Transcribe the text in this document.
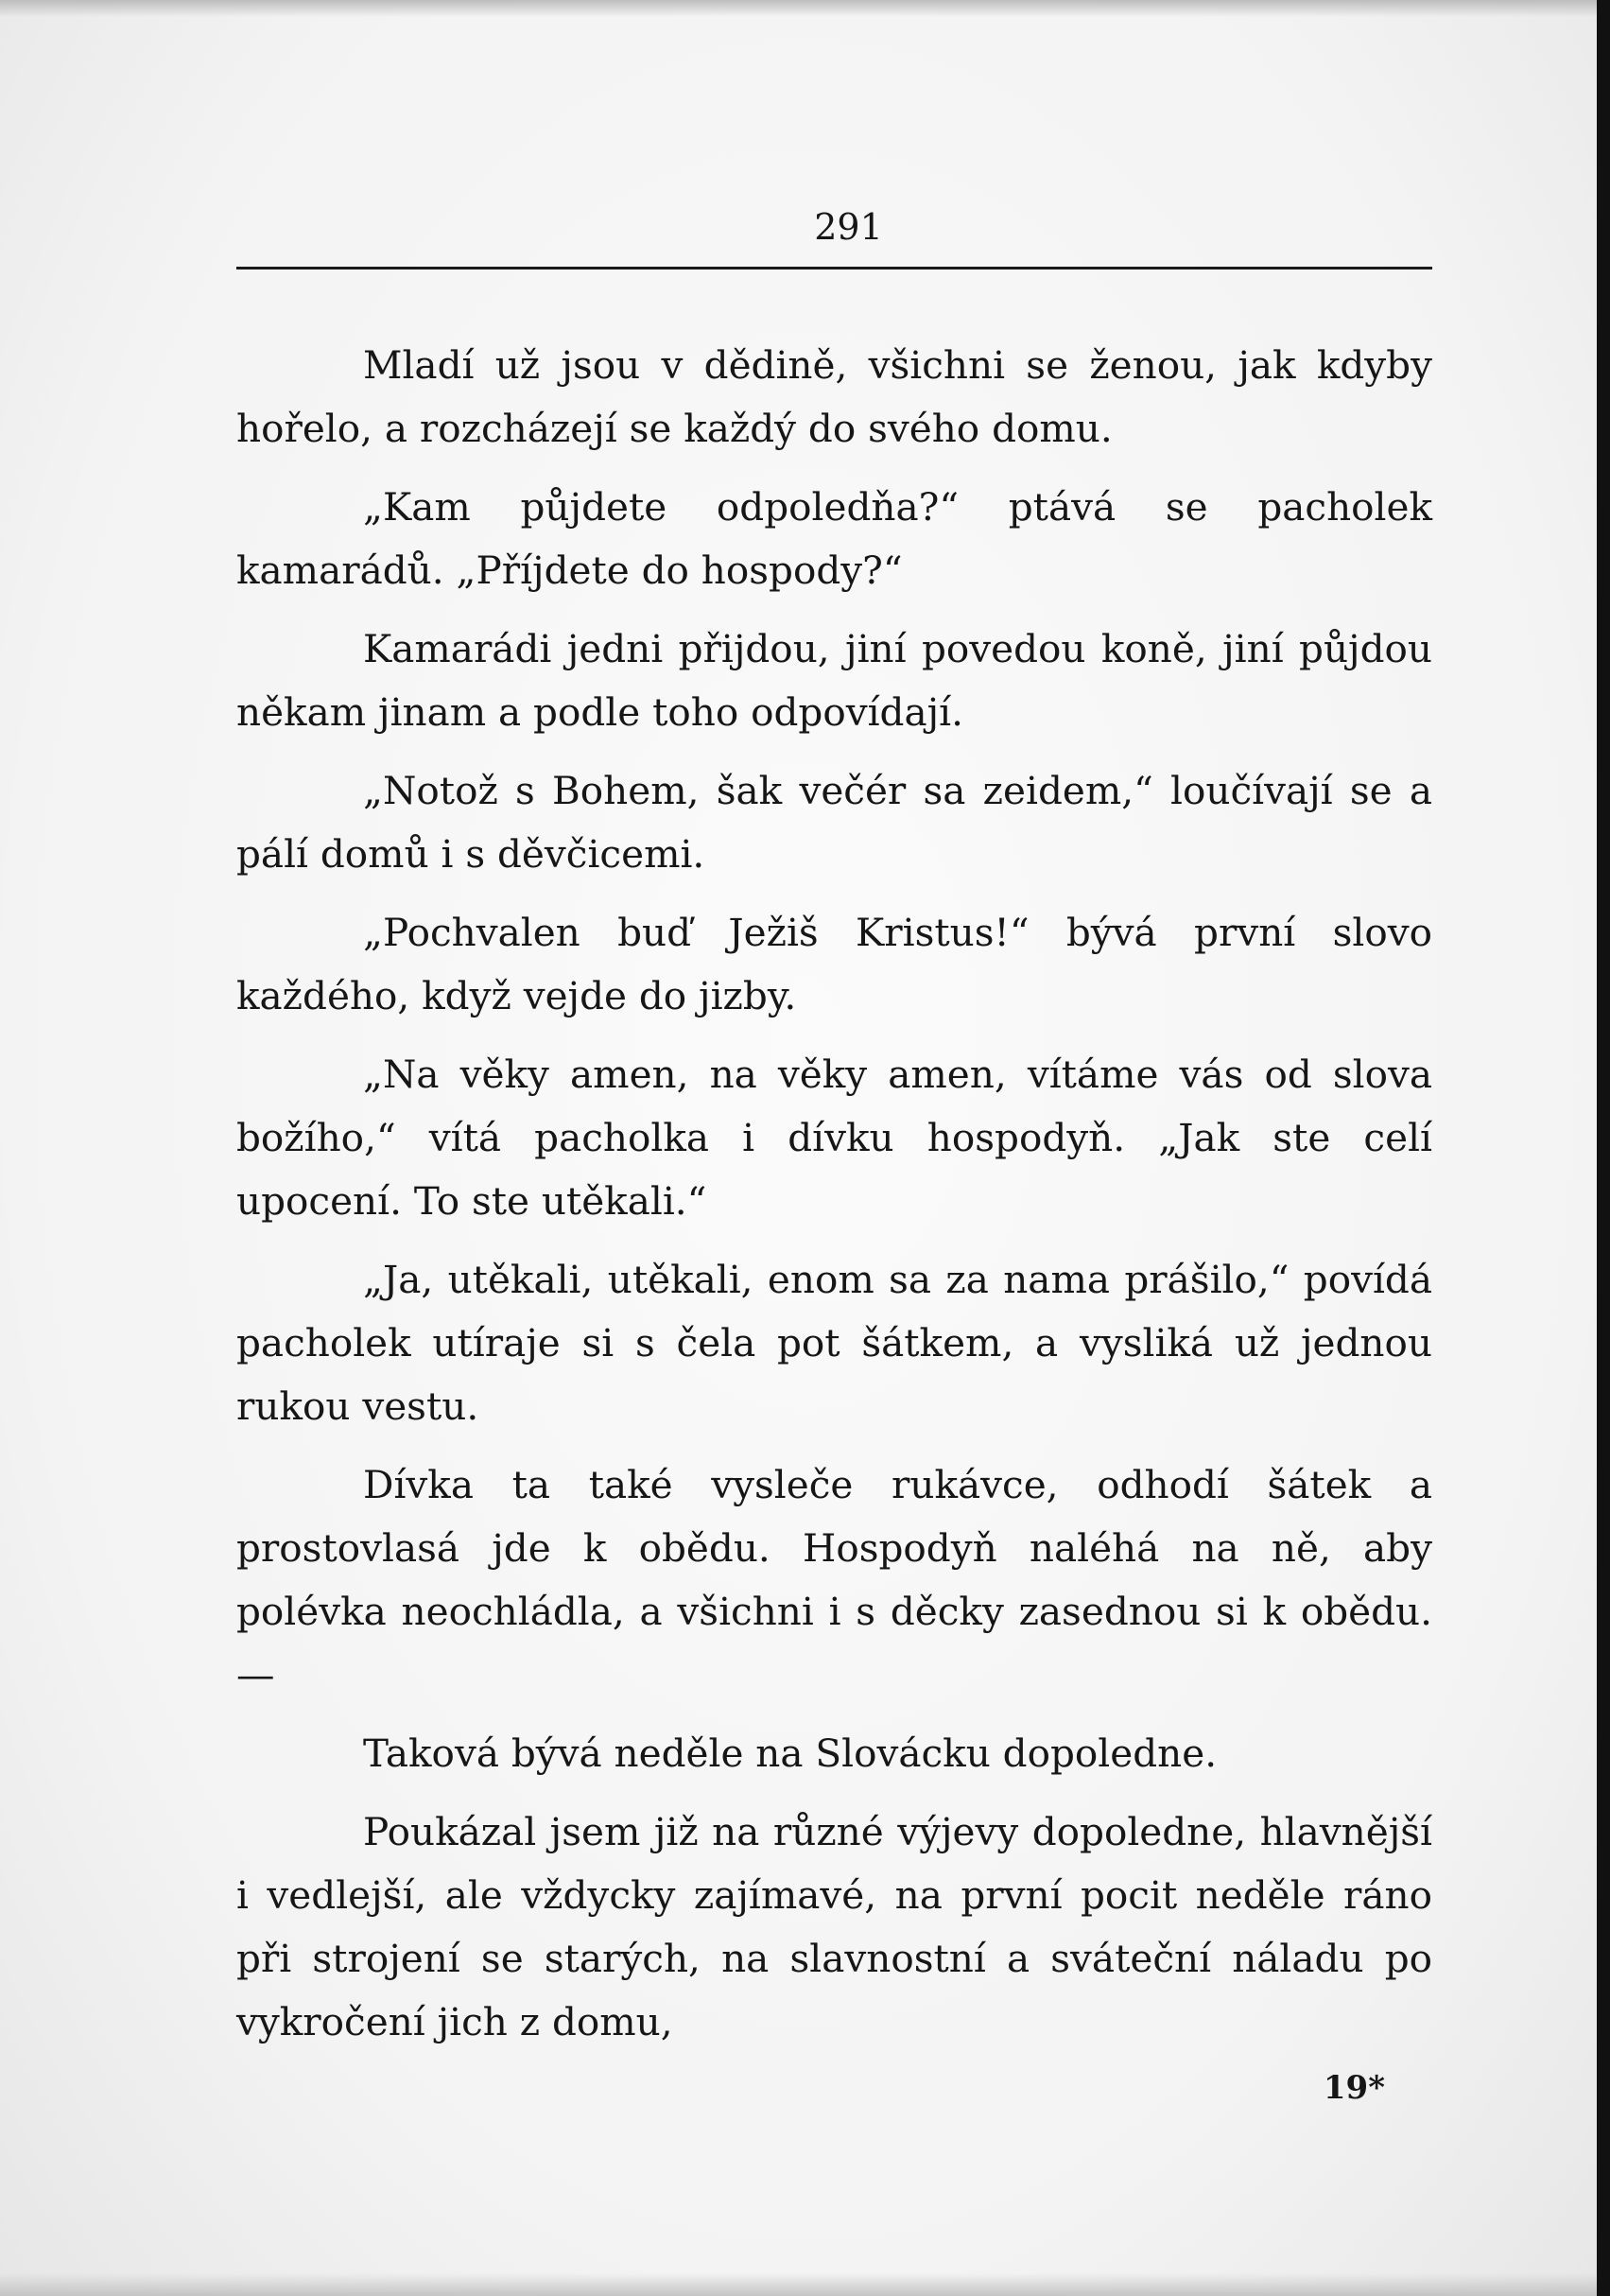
291

Mladí už jsou v dědině, všichni se ženou, jak kdyby hořelo, a rozcházejí se každý do svého domu.

„Kam půjdete odpoledňa?“ ptává se pacholek kamarádů. „Příjdete do hospody?“

Kamarádi jedni přijdou, jiní povedou koně, jiní půjdou někam jinam a podle toho odpovídají.

„Notož s Bohem, šak večér sa zeidem,“ loučívají se a pálí domů i s děvčicemi.

„Pochvalen buď Ježiš Kristus!“ bývá první slovo každého, když vejde do jizby.

„Na věky amen, na věky amen, vítáme vás od slova božího,“ vítá pacholka i dívku hospodyň. „Jak ste celí upocení. To ste utěkali.“

„Ja, utěkali, utěkali, enom sa za nama prášilo,“ povídá pacholek utíraje si s čela pot šátkem, a vysliká už jednou rukou vestu.

Dívka ta také vysleče rukávce, odhodí šátek a prostovlasá jde k obědu. Hospodyň naléhá na ně, aby polévka neochládla, a všichni i s děcky zasednou si k obědu. —

Taková bývá neděle na Slovácku dopoledne.

Poukázal jsem již na různé výjevy dopoledne, hlavnější i vedlejší, ale vždycky zajímavé, na první pocit neděle ráno při strojení se starých, na slavnostní a sváteční náladu po vykročení jich z domu,

19*
